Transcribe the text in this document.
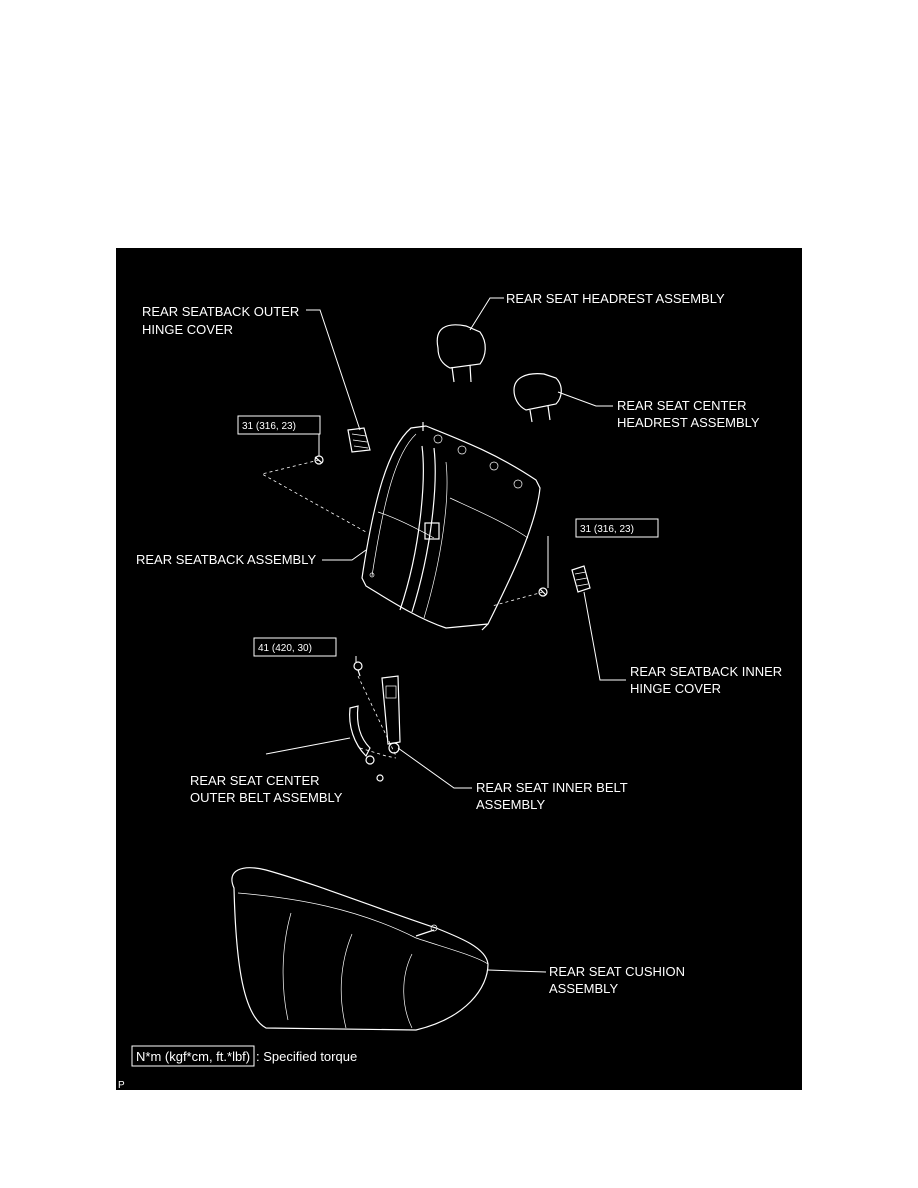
REAR SEATBACK OUTER
HINGE COVER
REAR SEAT HEADREST ASSEMBLY
REAR SEAT CENTER
HEADREST ASSEMBLY
REAR SEATBACK ASSEMBLY
REAR SEATBACK INNER
HINGE COVER
REAR SEAT CENTER
OUTER BELT ASSEMBLY
REAR SEAT INNER BELT
ASSEMBLY
REAR SEAT CUSHION
ASSEMBLY
31 (316, 23)
31 (316, 23)
41 (420, 30)
N*m (kgf*cm, ft.*lbf) : Specified torque
P
